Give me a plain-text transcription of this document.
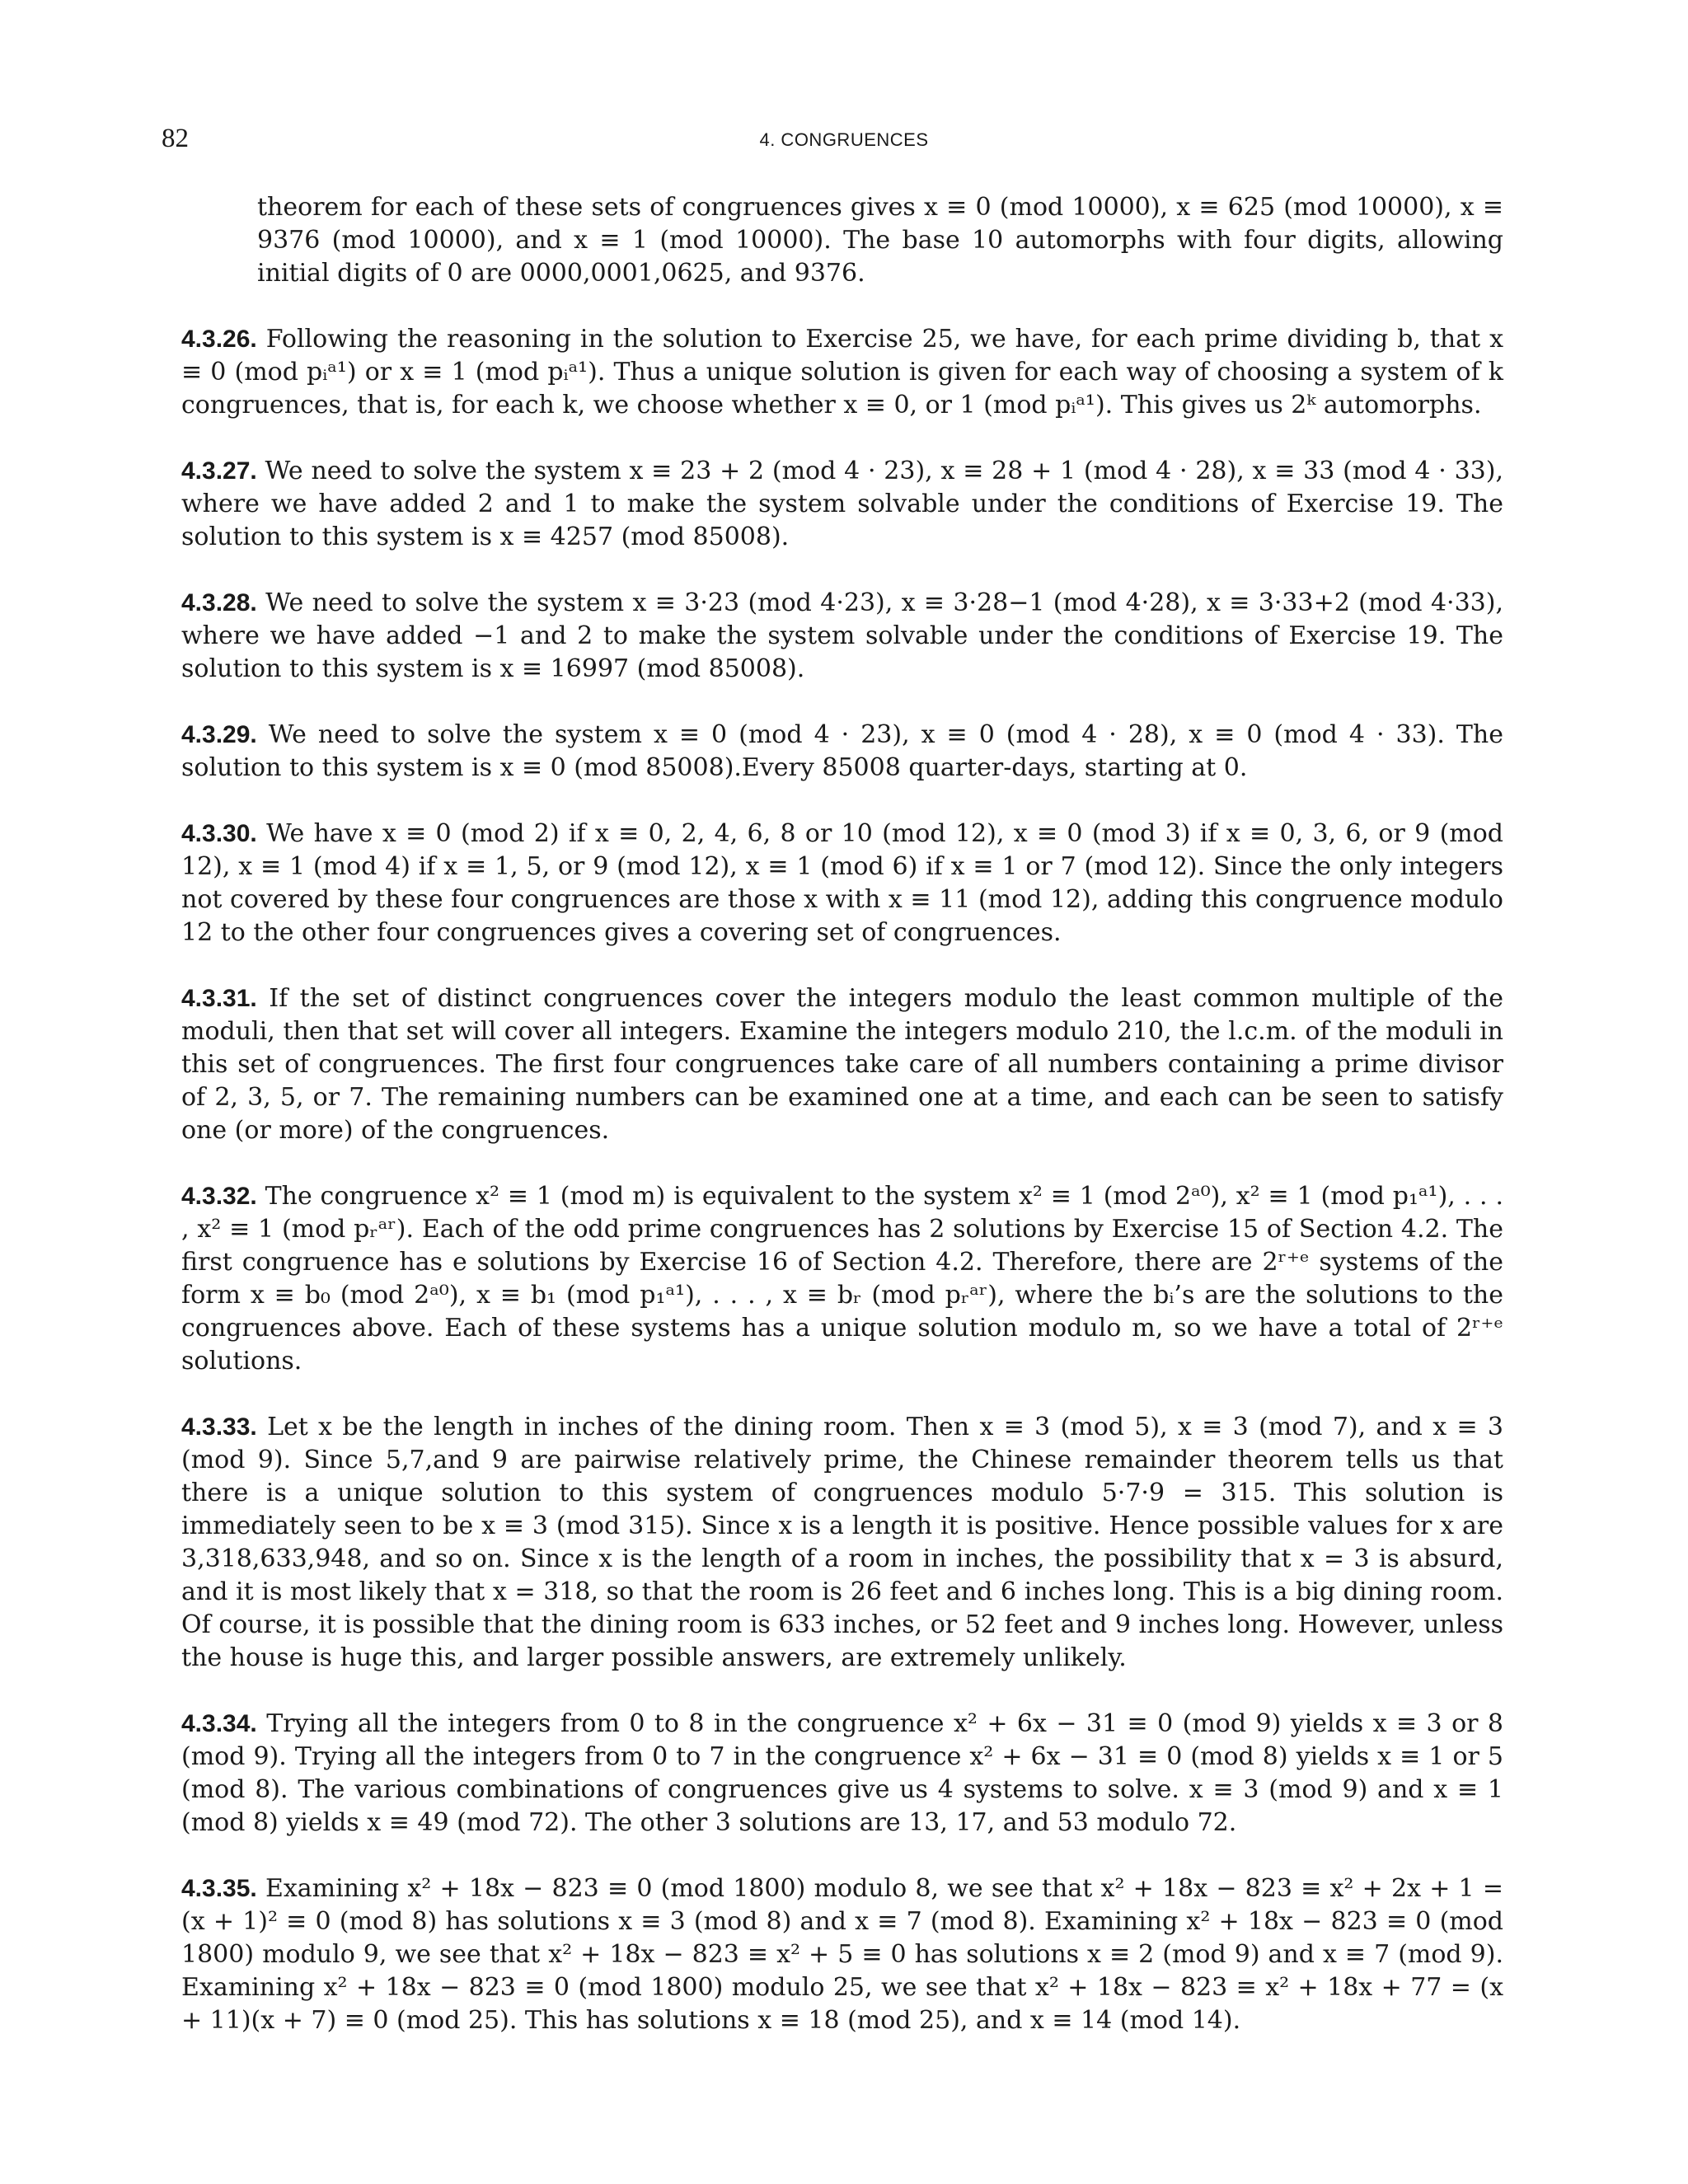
82	4. CONGRUENCES
theorem for each of these sets of congruences gives x ≡ 0 (mod 10000), x ≡ 625 (mod 10000), x ≡ 9376 (mod 10000), and x ≡ 1 (mod 10000). The base 10 automorphs with four digits, allowing initial digits of 0 are 0000,0001,0625, and 9376.
4.3.26. Following the reasoning in the solution to Exercise 25, we have, for each prime dividing b, that x ≡ 0 (mod pᵢᵃ¹) or x ≡ 1 (mod pᵢᵃ¹). Thus a unique solution is given for each way of choosing a system of k congruences, that is, for each k, we choose whether x ≡ 0, or 1 (mod pᵢᵃ¹). This gives us 2ᵏ automorphs.
4.3.27. We need to solve the system x ≡ 23 + 2 (mod 4 · 23), x ≡ 28 + 1 (mod 4 · 28), x ≡ 33 (mod 4 · 33), where we have added 2 and 1 to make the system solvable under the conditions of Exercise 19. The solution to this system is x ≡ 4257 (mod 85008).
4.3.28. We need to solve the system x ≡ 3·23 (mod 4·23), x ≡ 3·28−1 (mod 4·28), x ≡ 3·33+2 (mod 4·33), where we have added −1 and 2 to make the system solvable under the conditions of Exercise 19. The solution to this system is x ≡ 16997 (mod 85008).
4.3.29. We need to solve the system x ≡ 0 (mod 4 · 23), x ≡ 0 (mod 4 · 28), x ≡ 0 (mod 4 · 33). The solution to this system is x ≡ 0 (mod 85008).Every 85008 quarter-days, starting at 0.
4.3.30. We have x ≡ 0 (mod 2) if x ≡ 0, 2, 4, 6, 8 or 10 (mod 12), x ≡ 0 (mod 3) if x ≡ 0, 3, 6, or 9 (mod 12), x ≡ 1 (mod 4) if x ≡ 1, 5, or 9 (mod 12), x ≡ 1 (mod 6) if x ≡ 1 or 7 (mod 12). Since the only integers not covered by these four congruences are those x with x ≡ 11 (mod 12), adding this congruence modulo 12 to the other four congruences gives a covering set of congruences.
4.3.31. If the set of distinct congruences cover the integers modulo the least common multiple of the moduli, then that set will cover all integers. Examine the integers modulo 210, the l.c.m. of the moduli in this set of congruences. The first four congruences take care of all numbers containing a prime divisor of 2, 3, 5, or 7. The remaining numbers can be examined one at a time, and each can be seen to satisfy one (or more) of the congruences.
4.3.32. The congruence x² ≡ 1 (mod m) is equivalent to the system x² ≡ 1 (mod 2ᵃ⁰), x² ≡ 1 (mod p₁ᵃ¹), . . . , x² ≡ 1 (mod pᵣᵃʳ). Each of the odd prime congruences has 2 solutions by Exercise 15 of Section 4.2. The first congruence has e solutions by Exercise 16 of Section 4.2. Therefore, there are 2ʳ⁺ᵉ systems of the form x ≡ b₀ (mod 2ᵃ⁰), x ≡ b₁ (mod p₁ᵃ¹), . . . , x ≡ bᵣ (mod pᵣᵃʳ), where the bᵢ’s are the solutions to the congruences above. Each of these systems has a unique solution modulo m, so we have a total of 2ʳ⁺ᵉ solutions.
4.3.33. Let x be the length in inches of the dining room. Then x ≡ 3 (mod 5), x ≡ 3 (mod 7), and x ≡ 3 (mod 9). Since 5,7,and 9 are pairwise relatively prime, the Chinese remainder theorem tells us that there is a unique solution to this system of congruences modulo 5·7·9 = 315. This solution is immediately seen to be x ≡ 3 (mod 315). Since x is a length it is positive. Hence possible values for x are 3,318,633,948, and so on. Since x is the length of a room in inches, the possibility that x = 3 is absurd, and it is most likely that x = 318, so that the room is 26 feet and 6 inches long. This is a big dining room. Of course, it is possible that the dining room is 633 inches, or 52 feet and 9 inches long. However, unless the house is huge this, and larger possible answers, are extremely unlikely.
4.3.34. Trying all the integers from 0 to 8 in the congruence x² + 6x − 31 ≡ 0 (mod 9) yields x ≡ 3 or 8 (mod 9). Trying all the integers from 0 to 7 in the congruence x² + 6x − 31 ≡ 0 (mod 8) yields x ≡ 1 or 5 (mod 8). The various combinations of congruences give us 4 systems to solve. x ≡ 3 (mod 9) and x ≡ 1 (mod 8) yields x ≡ 49 (mod 72). The other 3 solutions are 13, 17, and 53 modulo 72.
4.3.35. Examining x² + 18x − 823 ≡ 0 (mod 1800) modulo 8, we see that x² + 18x − 823 ≡ x² + 2x + 1 = (x + 1)² ≡ 0 (mod 8) has solutions x ≡ 3 (mod 8) and x ≡ 7 (mod 8). Examining x² + 18x − 823 ≡ 0 (mod 1800) modulo 9, we see that x² + 18x − 823 ≡ x² + 5 ≡ 0 has solutions x ≡ 2 (mod 9) and x ≡ 7 (mod 9). Examining x² + 18x − 823 ≡ 0 (mod 1800) modulo 25, we see that x² + 18x − 823 ≡ x² + 18x + 77 = (x + 11)(x + 7) ≡ 0 (mod 25). This has solutions x ≡ 18 (mod 25), and x ≡ 14 (mod 14).
